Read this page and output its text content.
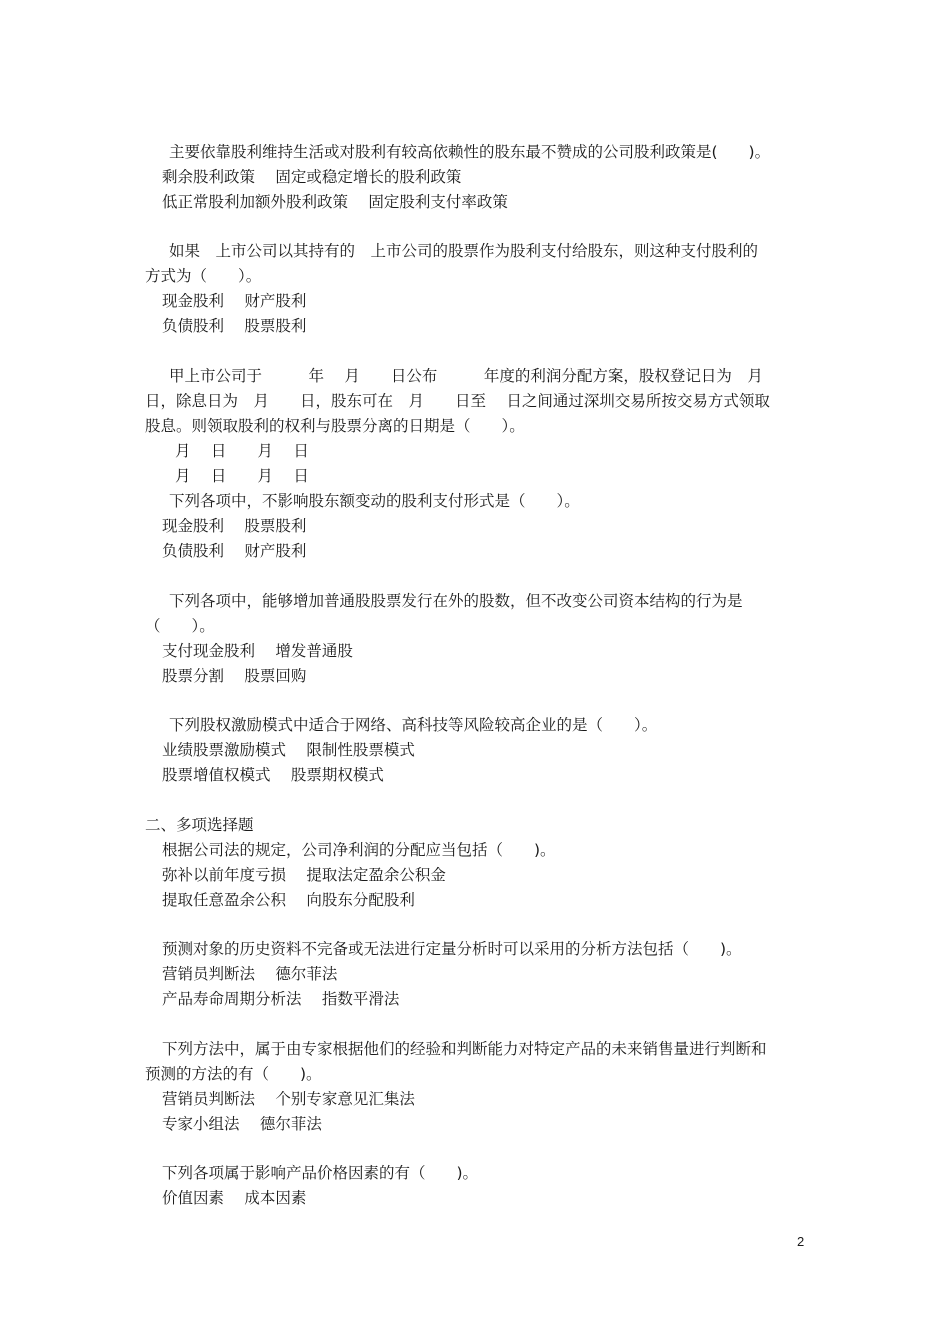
主要依靠股利维持生活或对股利有较高依赖性的股东最不赞成的公司股利政策是(　　)。
剩余股利政策　 固定或稳定增长的股利政策
低正常股利加额外股利政策　 固定股利支付率政策
如果　上市公司以其持有的　上市公司的股票作为股利支付给股东，则这种支付股利的
方式为（　　）。
现金股利　 财产股利
负债股利　 股票股利
甲上市公司于　　　年　 月　　日公布　　　年度的利润分配方案，股权登记日为　月
日，除息日为　月　　日，股东可在　月　　日至　 日之间通过深圳交易所按交易方式领取
股息。则领取股利的权利与股票分离的日期是（　　）。
月　 日　　月　 日
月　 日　　月　 日
下列各项中，不影响股东额变动的股利支付形式是（　　）。
现金股利　 股票股利
负债股利　 财产股利
下列各项中，能够增加普通股股票发行在外的股数，但不改变公司资本结构的行为是
（　　）。
支付现金股利　 增发普通股
股票分割　 股票回购
下列股权激励模式中适合于网络、高科技等风险较高企业的是（　　）。
业绩股票激励模式　 限制性股票模式
股票增值权模式　 股票期权模式
二、多项选择题
根据公司法的规定，公司净利润的分配应当包括（　　)。
弥补以前年度亏损　 提取法定盈余公积金
提取任意盈余公积　 向股东分配股利
预测对象的历史资料不完备或无法进行定量分析时可以采用的分析方法包括（　　)。
营销员判断法　 德尔菲法
产品寿命周期分析法　 指数平滑法
下列方法中，属于由专家根据他们的经验和判断能力对特定产品的未来销售量进行判断和
预测的方法的有（　　)。
营销员判断法　 个别专家意见汇集法
专家小组法　 德尔菲法
下列各项属于影响产品价格因素的有（　　)。
价值因素　 成本因素
2
